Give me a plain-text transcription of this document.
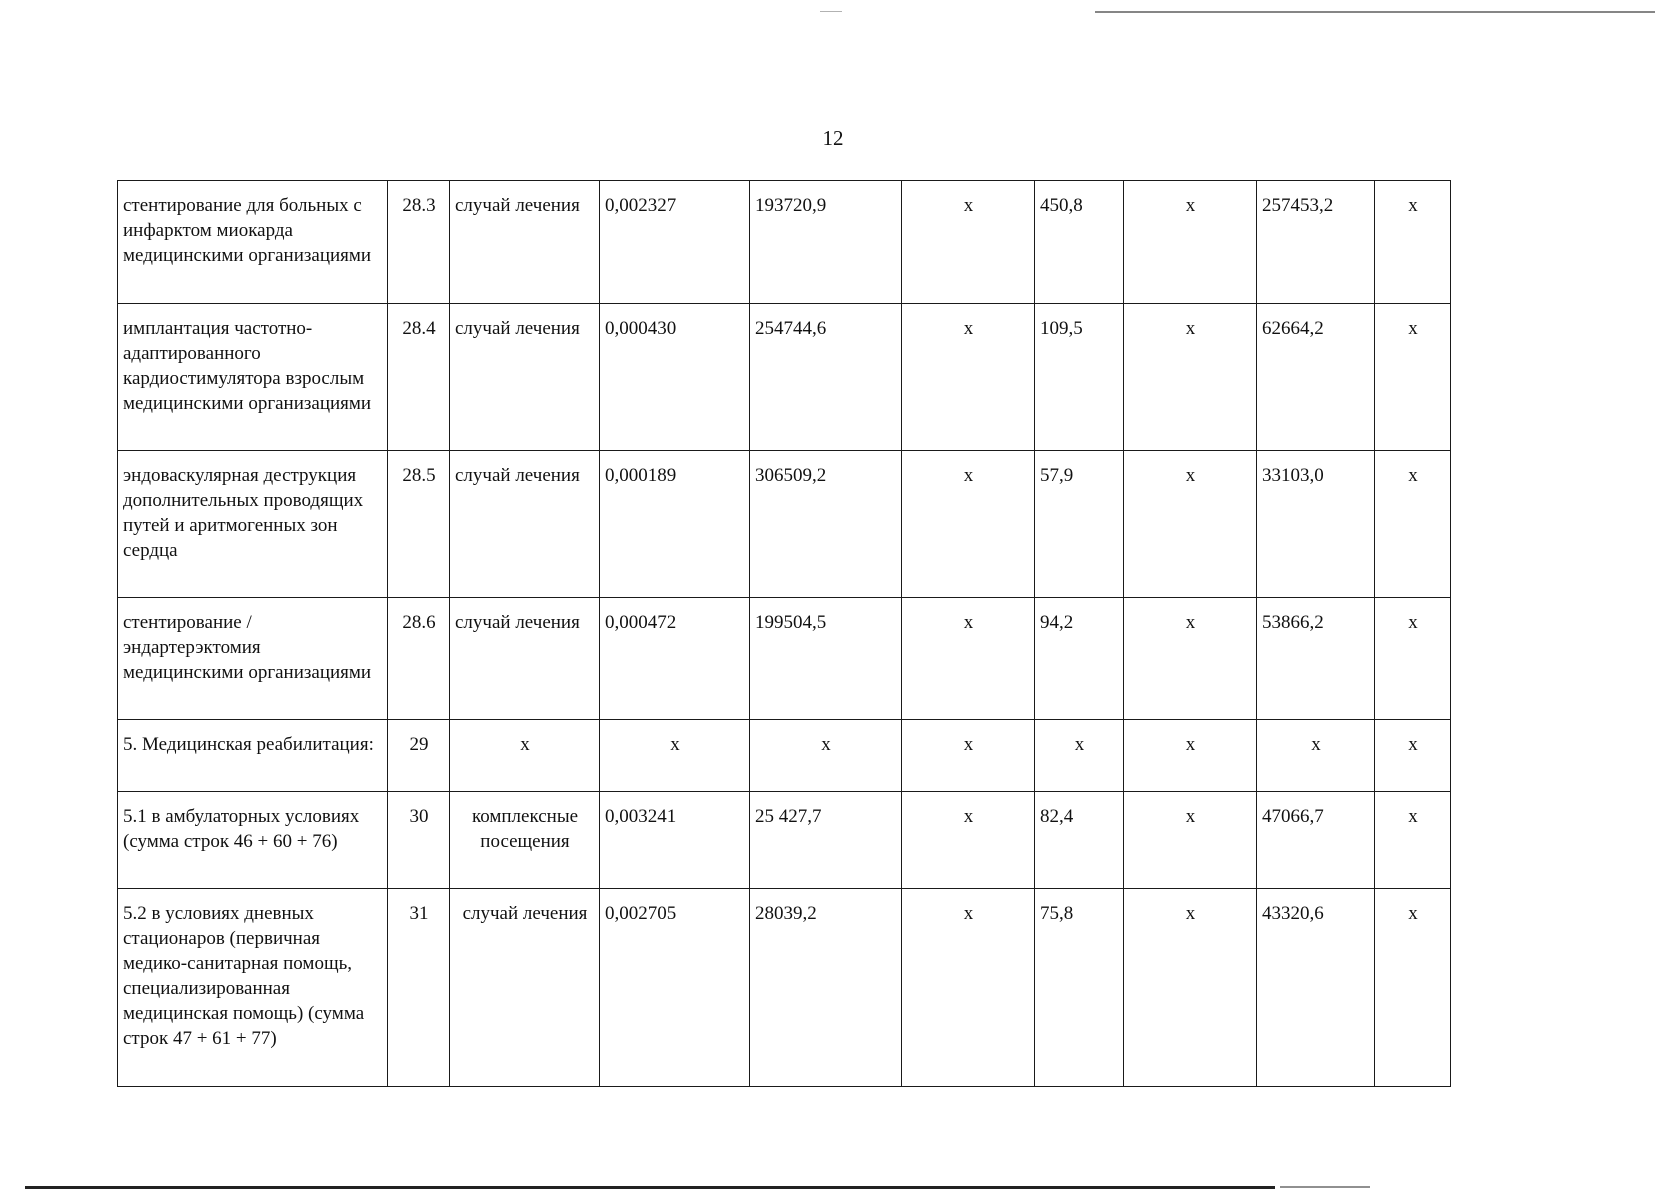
12
стентирование для больных с инфарктом миокарда медицинскими организациями	28.3	случай лечения	0,002327	193720,9	х	450,8	х	257453,2	х
имплантация частотно-адаптированного кардиостимулятора взрослым медицинскими организациями	28.4	случай лечения	0,000430	254744,6	х	109,5	х	62664,2	х
эндоваскулярная деструкция дополнительных проводящих путей и аритмогенных зон сердца	28.5	случай лечения	0,000189	306509,2	х	57,9	х	33103,0	х
стентирование / эндартерэктомия медицинскими организациями	28.6	случай лечения	0,000472	199504,5	х	94,2	х	53866,2	х
5. Медицинская реабилитация:	29	х	х	х	х	х	х	х	х
5.1 в амбулаторных условиях (сумма строк 46 + 60 + 76)	30	комплексные посещения	0,003241	25 427,7	х	82,4	х	47066,7	х
5.2 в условиях дневных стационаров (первичная медико-санитарная помощь, специализированная медицинская помощь) (сумма строк 47 + 61 + 77)	31	случай лечения	0,002705	28039,2	х	75,8	х	43320,6	х
